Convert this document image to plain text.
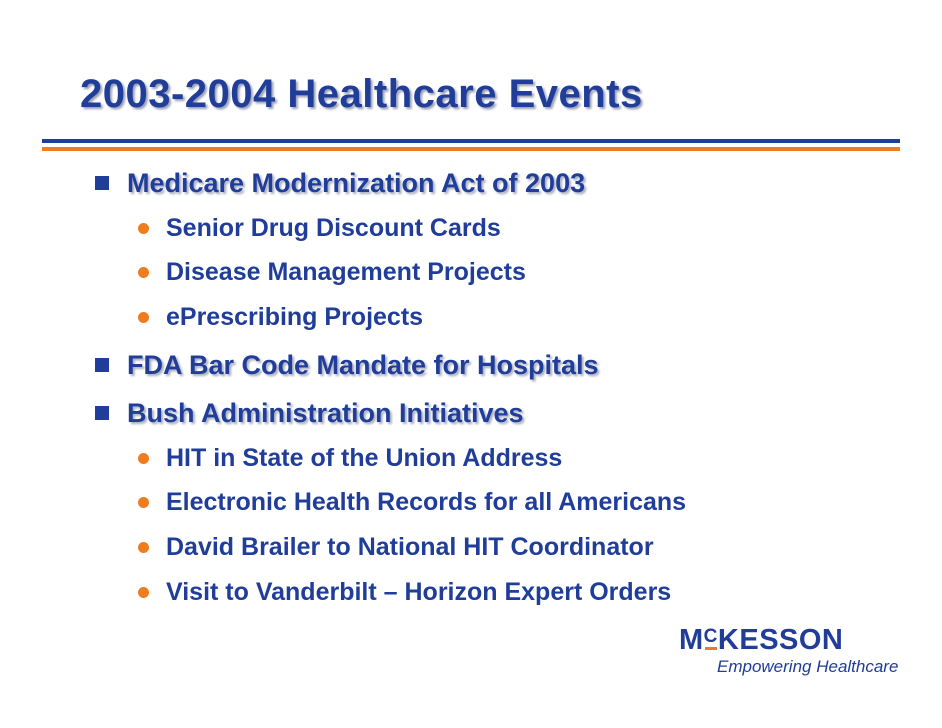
2003-2004 Healthcare Events
Medicare Modernization Act of 2003
Senior Drug Discount Cards
Disease Management Projects
ePrescribing Projects
FDA Bar Code Mandate for Hospitals
Bush Administration Initiatives
HIT in State of the Union Address
Electronic Health Records for all Americans
David Brailer to National HIT Coordinator
Visit to Vanderbilt – Horizon Expert Orders
M C KESSON
Empowering Healthcare
